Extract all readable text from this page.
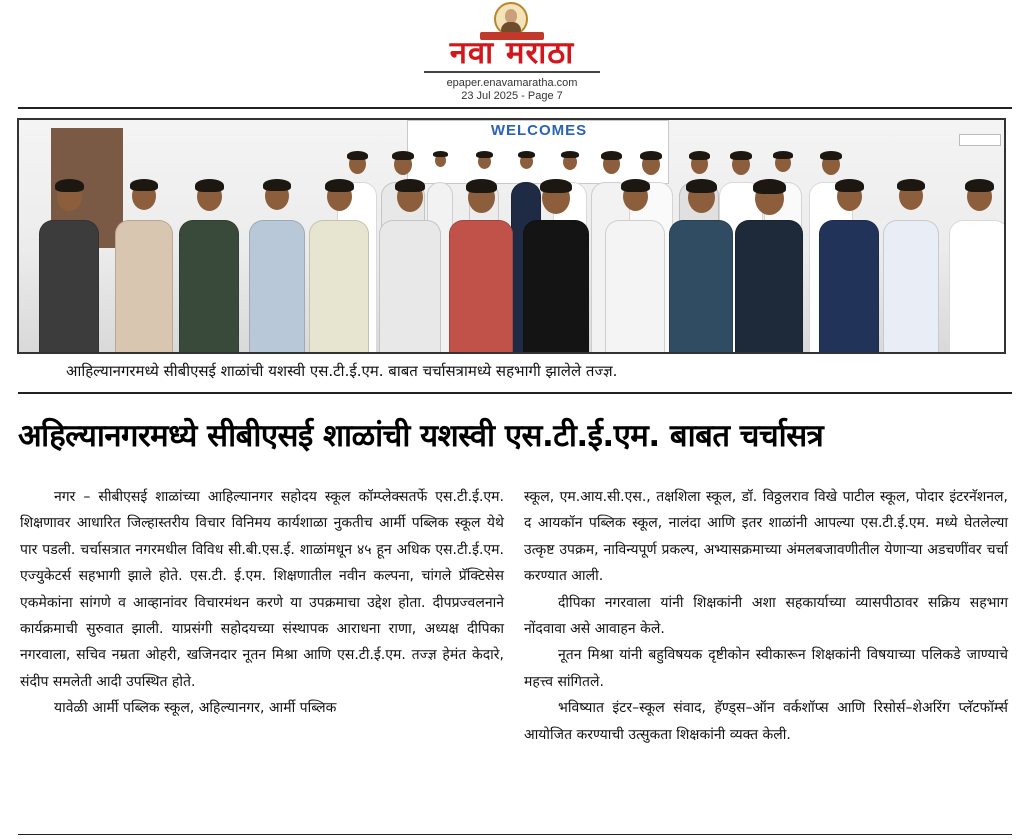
नवा मराठा
epaper.enavamaratha.com
23 Jul 2025 - Page 7
WELCOMES
आहिल्यानगरमध्ये सीबीएसई शाळांची यशस्वी एस.टी.ई.एम. बाबत चर्चासत्रामध्ये सहभागी झालेले तज्ज्ञ.
अहिल्यानगरमध्ये सीबीएसई शाळांची यशस्वी एस.टी.ई.एम. बाबत चर्चासत्र

नगर – सीबीएसई शाळांच्या आहिल्यानगर सहोदय स्कूल कॉम्प्लेक्सतर्फे एस.टी.ई.एम. शिक्षणावर आधारित जिल्हास्तरीय विचार विनिमय कार्यशाळा नुकतीच आर्मी पब्लिक स्कूल येथे पार पडली. चर्चासत्रात नगरमधील विविध सी.बी.एस.ई. शाळांमधून ४५ हून अधिक एस.टी.ई.एम. एज्युकेटर्स सहभागी झाले होते. एस.टी. ई.एम. शिक्षणातील नवीन कल्पना, चांगले प्रॅक्टिसेस एकमेकांना सांगणे व आव्हानांवर विचारमंथन करणे या उपक्रमाचा उद्देश होता. दीपप्रज्वलनाने कार्यक्रमाची सुरुवात झाली. याप्रसंगी सहोदयच्या संस्थापक आराधना राणा, अध्यक्ष दीपिका नगरवाला, सचिव नम्रता ओहरी, खजिनदार नूतन मिश्रा आणि एस.टी.ई.एम. तज्ज्ञ हेमंत केदारे, संदीप समलेती आदी उपस्थित होते.

यावेळी आर्मी पब्लिक स्कूल, अहिल्यानगर, आर्मी पब्लिक

स्कूल, एम.आय.सी.एस., तक्षशिला स्कूल, डॉ. विठ्ठलराव विखे पाटील स्कूल, पोदार इंटरनॅशनल, द आयकॉन पब्लिक स्कूल, नालंदा आणि इतर शाळांनी आपल्या एस.टी.ई.एम. मध्ये घेतलेल्या उत्कृष्ट उपक्रम, नाविन्यपूर्ण प्रकल्प, अभ्यासक्रमाच्या अंमलबजावणीतील येणाऱ्या अडचणींवर चर्चा करण्यात आली.

दीपिका नगरवाला यांनी शिक्षकांनी अशा सहकार्याच्या व्यासपीठावर सक्रिय सहभाग नोंदवावा असे आवाहन केले.

नूतन मिश्रा यांनी बहुविषयक दृष्टीकोन स्वीकारून शिक्षकांनी विषयाच्या पलिकडे जाण्याचे महत्त्व सांगितले.

भविष्यात इंटर–स्कूल संवाद, हॅण्ड्स–ऑन वर्कशॉप्स आणि रिसोर्स–शेअरिंग प्लॅटफॉर्म्स आयोजित करण्याची उत्सुकता शिक्षकांनी व्यक्त केली.
